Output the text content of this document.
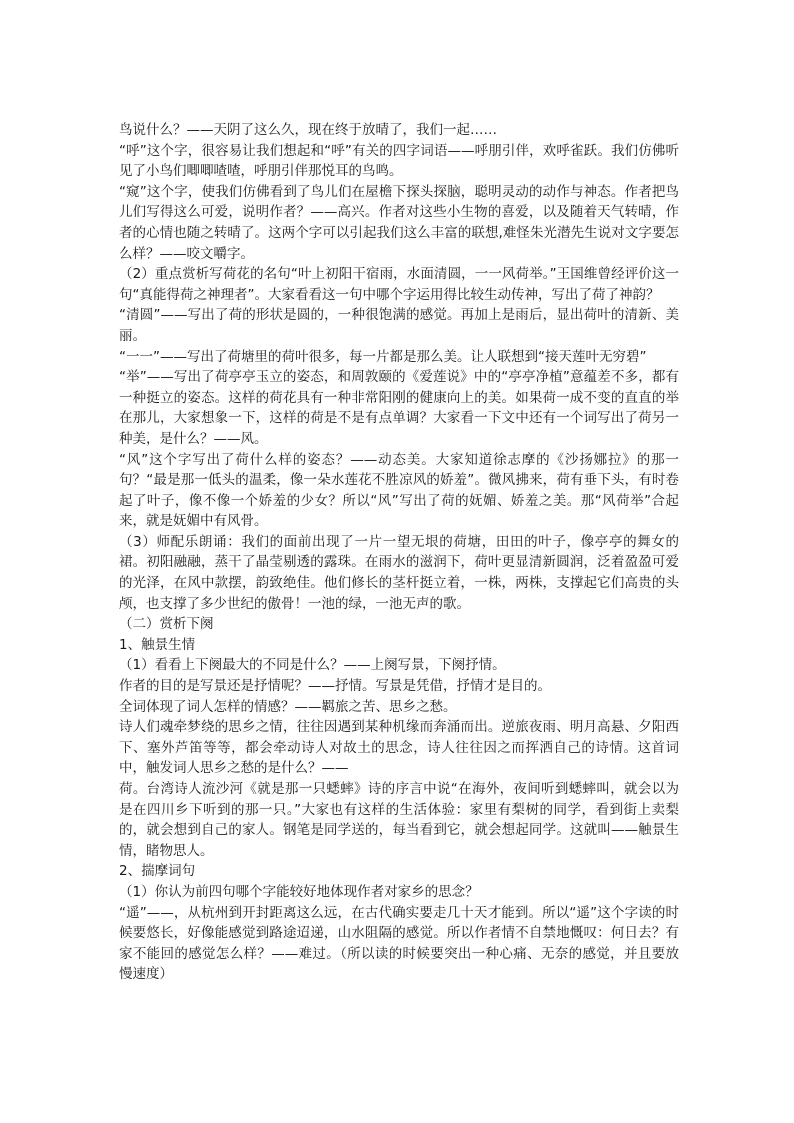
鸟说什么？——天阴了这么久，现在终于放晴了，我们一起……

“呼”这个字，很容易让我们想起和“呼”有关的四字词语——呼朋引伴，欢呼雀跃。我们仿佛听见了小鸟们唧唧喳喳，呼朋引伴那悦耳的鸟鸣。

“窥”这个字，使我们仿佛看到了鸟儿们在屋檐下探头探脑，聪明灵动的动作与神态。作者把鸟儿们写得这么可爱，说明作者？——高兴。作者对这些小生物的喜爱，以及随着天气转晴，作者的心情也随之转晴了。这两个字可以引起我们这么丰富的联想,难怪朱光潜先生说对文字要怎么样？——咬文嚼字。

（2）重点赏析写荷花的名句“叶上初阳干宿雨，水面清圆，一一风荷举。”王国维曾经评价这一句“真能得荷之神理者”。大家看看这一句中哪个字运用得比较生动传神，写出了荷了神韵？

“清圆”——写出了荷的形状是圆的，一种很饱满的感觉。再加上是雨后，显出荷叶的清新、美丽。

“一一”——写出了荷塘里的荷叶很多，每一片都是那么美。让人联想到“接天莲叶无穷碧”

“举”——写出了荷亭亭玉立的姿态，和周敦颐的《爱莲说》中的“亭亭净植”意蕴差不多，都有一种挺立的姿态。这样的荷花具有一种非常阳刚的健康向上的美。如果荷一成不变的直直的举在那儿，大家想象一下，这样的荷是不是有点单调？大家看一下文中还有一个词写出了荷另一种美，是什么？——风。

“风”这个字写出了荷什么样的姿态？——动态美。大家知道徐志摩的《沙扬娜拉》的那一句？“最是那一低头的温柔，像一朵水莲花不胜凉风的娇羞”。微风拂来，荷有垂下头，有时卷起了叶子，像不像一个娇羞的少女？所以“风”写出了荷的妩媚、娇羞之美。那“风荷举”合起来，就是妩媚中有风骨。

（3）师配乐朗诵：我们的面前出现了一片一望无垠的荷塘，田田的叶子，像亭亭的舞女的裙。初阳融融，蒸干了晶莹剔透的露珠。在雨水的滋润下，荷叶更显清新圆润，泛着盈盈可爱的光泽，在风中款摆，韵致绝佳。他们修长的茎杆挺立着，一株，两株，支撑起它们高贵的头颅，也支撑了多少世纪的傲骨！一池的绿，一池无声的歌。

（二）赏析下阕

1、触景生情

（1）看看上下阕最大的不同是什么？——上阕写景，下阕抒情。

作者的目的是写景还是抒情呢？——抒情。写景是凭借，抒情才是目的。

全词体现了词人怎样的情感？——羁旅之苦、思乡之愁。

诗人们魂牵梦绕的思乡之情，往往因遇到某种机缘而奔涌而出。逆旅夜雨、明月高悬、夕阳西下、塞外芦笛等等，都会牵动诗人对故土的思念，诗人往往因之而挥洒自己的诗情。这首词中，触发词人思乡之愁的是什么？——

荷。台湾诗人流沙河《就是那一只蟋蟀》诗的序言中说“在海外，夜间听到蟋蟀叫，就会以为是在四川乡下听到的那一只。”大家也有这样的生活体验：家里有梨树的同学，看到街上卖梨的，就会想到自己的家人。钢笔是同学送的，每当看到它，就会想起同学。这就叫——触景生情，睹物思人。

2、揣摩词句

（1）你认为前四句哪个字能较好地体现作者对家乡的思念？

“遥”——，从杭州到开封距离这么远，在古代确实要走几十天才能到。所以“遥”这个字读的时候要悠长，好像能感觉到路途迢递，山水阻隔的感觉。所以作者情不自禁地慨叹：何日去？有家不能回的感觉怎么样？——难过。（所以读的时候要突出一种心痛、无奈的感觉，并且要放慢速度）
